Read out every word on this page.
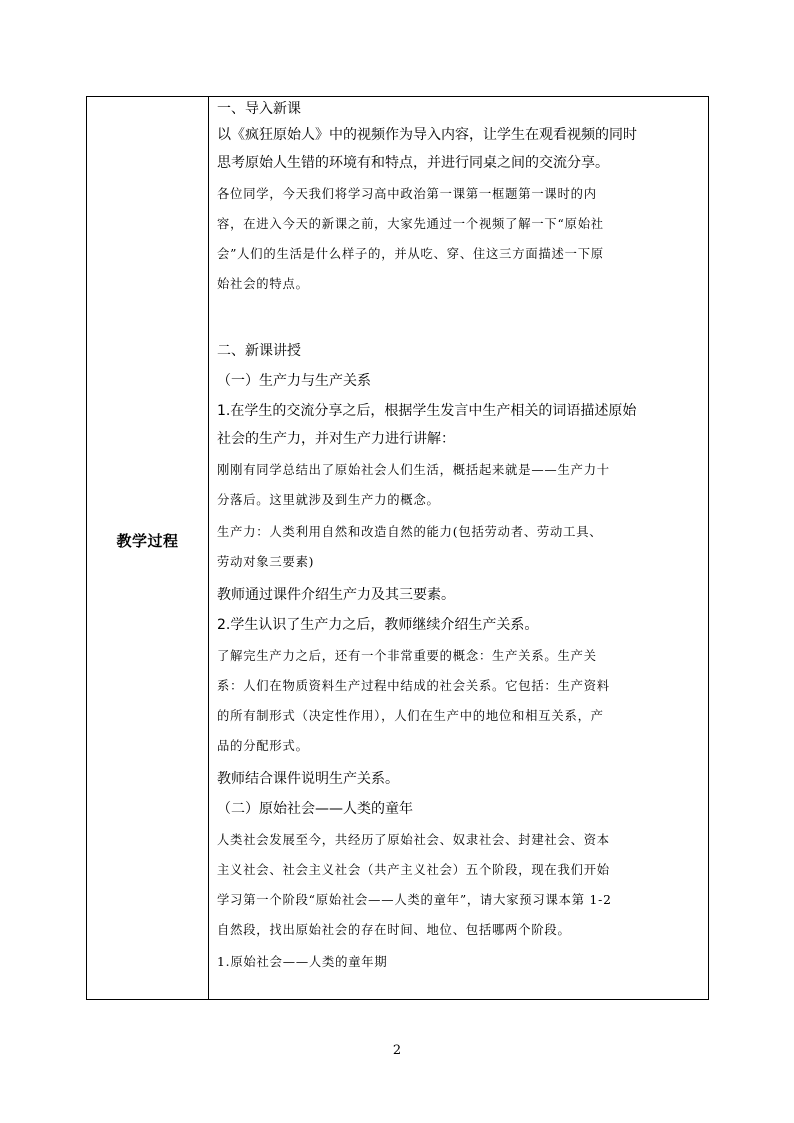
教学过程
一、导入新课
以《疯狂原始人》中的视频作为导入内容，让学生在观看视频的同时
思考原始人生错的环境有和特点，并进行同桌之间的交流分享。
各位同学，今天我们将学习高中政治第一课第一框题第一课时的内
容，在进入今天的新课之前，大家先通过一个视频了解一下“原始社
会”人们的生活是什么样子的，并从吃、穿、住这三方面描述一下原
始社会的特点。
二、新课讲授
（一）生产力与生产关系
1.在学生的交流分享之后，根据学生发言中生产相关的词语描述原始
社会的生产力，并对生产力进行讲解：
刚刚有同学总结出了原始社会人们生活，概括起来就是——生产力十
分落后。这里就涉及到生产力的概念。
生产力：人类利用自然和改造自然的能力(包括劳动者、劳动工具、
劳动对象三要素)
教师通过课件介绍生产力及其三要素。
2.学生认识了生产力之后，教师继续介绍生产关系。
了解完生产力之后，还有一个非常重要的概念：生产关系。生产关
系：人们在物质资料生产过程中结成的社会关系。它包括：生产资料
的所有制形式（决定性作用），人们在生产中的地位和相互关系，产
品的分配形式。
教师结合课件说明生产关系。
（二）原始社会——人类的童年
人类社会发展至今，共经历了原始社会、奴隶社会、封建社会、资本
主义社会、社会主义社会（共产主义社会）五个阶段，现在我们开始
学习第一个阶段“原始社会——人类的童年”，请大家预习课本第 1-2
自然段，找出原始社会的存在时间、地位、包括哪两个阶段。
1.原始社会——人类的童年期
2
